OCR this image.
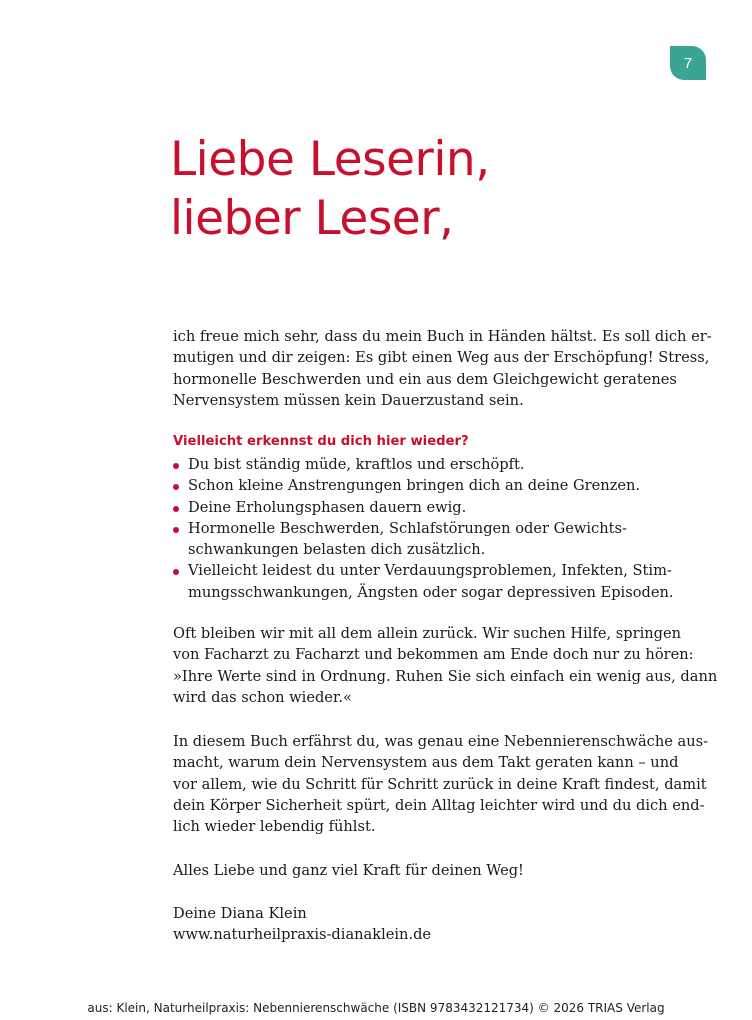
7
Liebe Leserin,
lieber Leser,

ich freue mich sehr, dass du mein Buch in Händen hältst. Es soll dich er-
mutigen und dir zeigen: Es gibt einen Weg aus der Erschöpfung! Stress,
hormonelle Beschwerden und ein aus dem Gleichgewicht geratenes
Nervensystem müssen kein Dauerzustand sein.

Vielleicht erkennst du dich hier wieder?
Du bist ständig müde, kraftlos und erschöpft.
Schon kleine Anstrengungen bringen dich an deine Grenzen.
Deine Erholungsphasen dauern ewig.
Hormonelle Beschwerden, Schlafstörungen oder Gewichts-
schwankungen belasten dich zusätzlich.
Vielleicht leidest du unter Verdauungsproblemen, Infekten, Stim-
mungsschwankungen, Ängsten oder sogar depressiven Episoden.

Oft bleiben wir mit all dem allein zurück. Wir suchen Hilfe, springen
von Facharzt zu Facharzt und bekommen am Ende doch nur zu hören:
»Ihre Werte sind in Ordnung. Ruhen Sie sich einfach ein wenig aus, dann
wird das schon wieder.«

In diesem Buch erfährst du, was genau eine Nebennierenschwäche aus-
macht, warum dein Nervensystem aus dem Takt geraten kann – und
vor allem, wie du Schritt für Schritt zurück in deine Kraft findest, damit
dein Körper Sicherheit spürt, dein Alltag leichter wird und du dich end-
lich wieder lebendig fühlst.

Alles Liebe und ganz viel Kraft für deinen Weg!

Deine Diana Klein
www.naturheilpraxis-dianaklein.de

aus: Klein, Naturheilpraxis: Nebennierenschwäche (ISBN 9783432121734) © 2026 TRIAS Verlag
